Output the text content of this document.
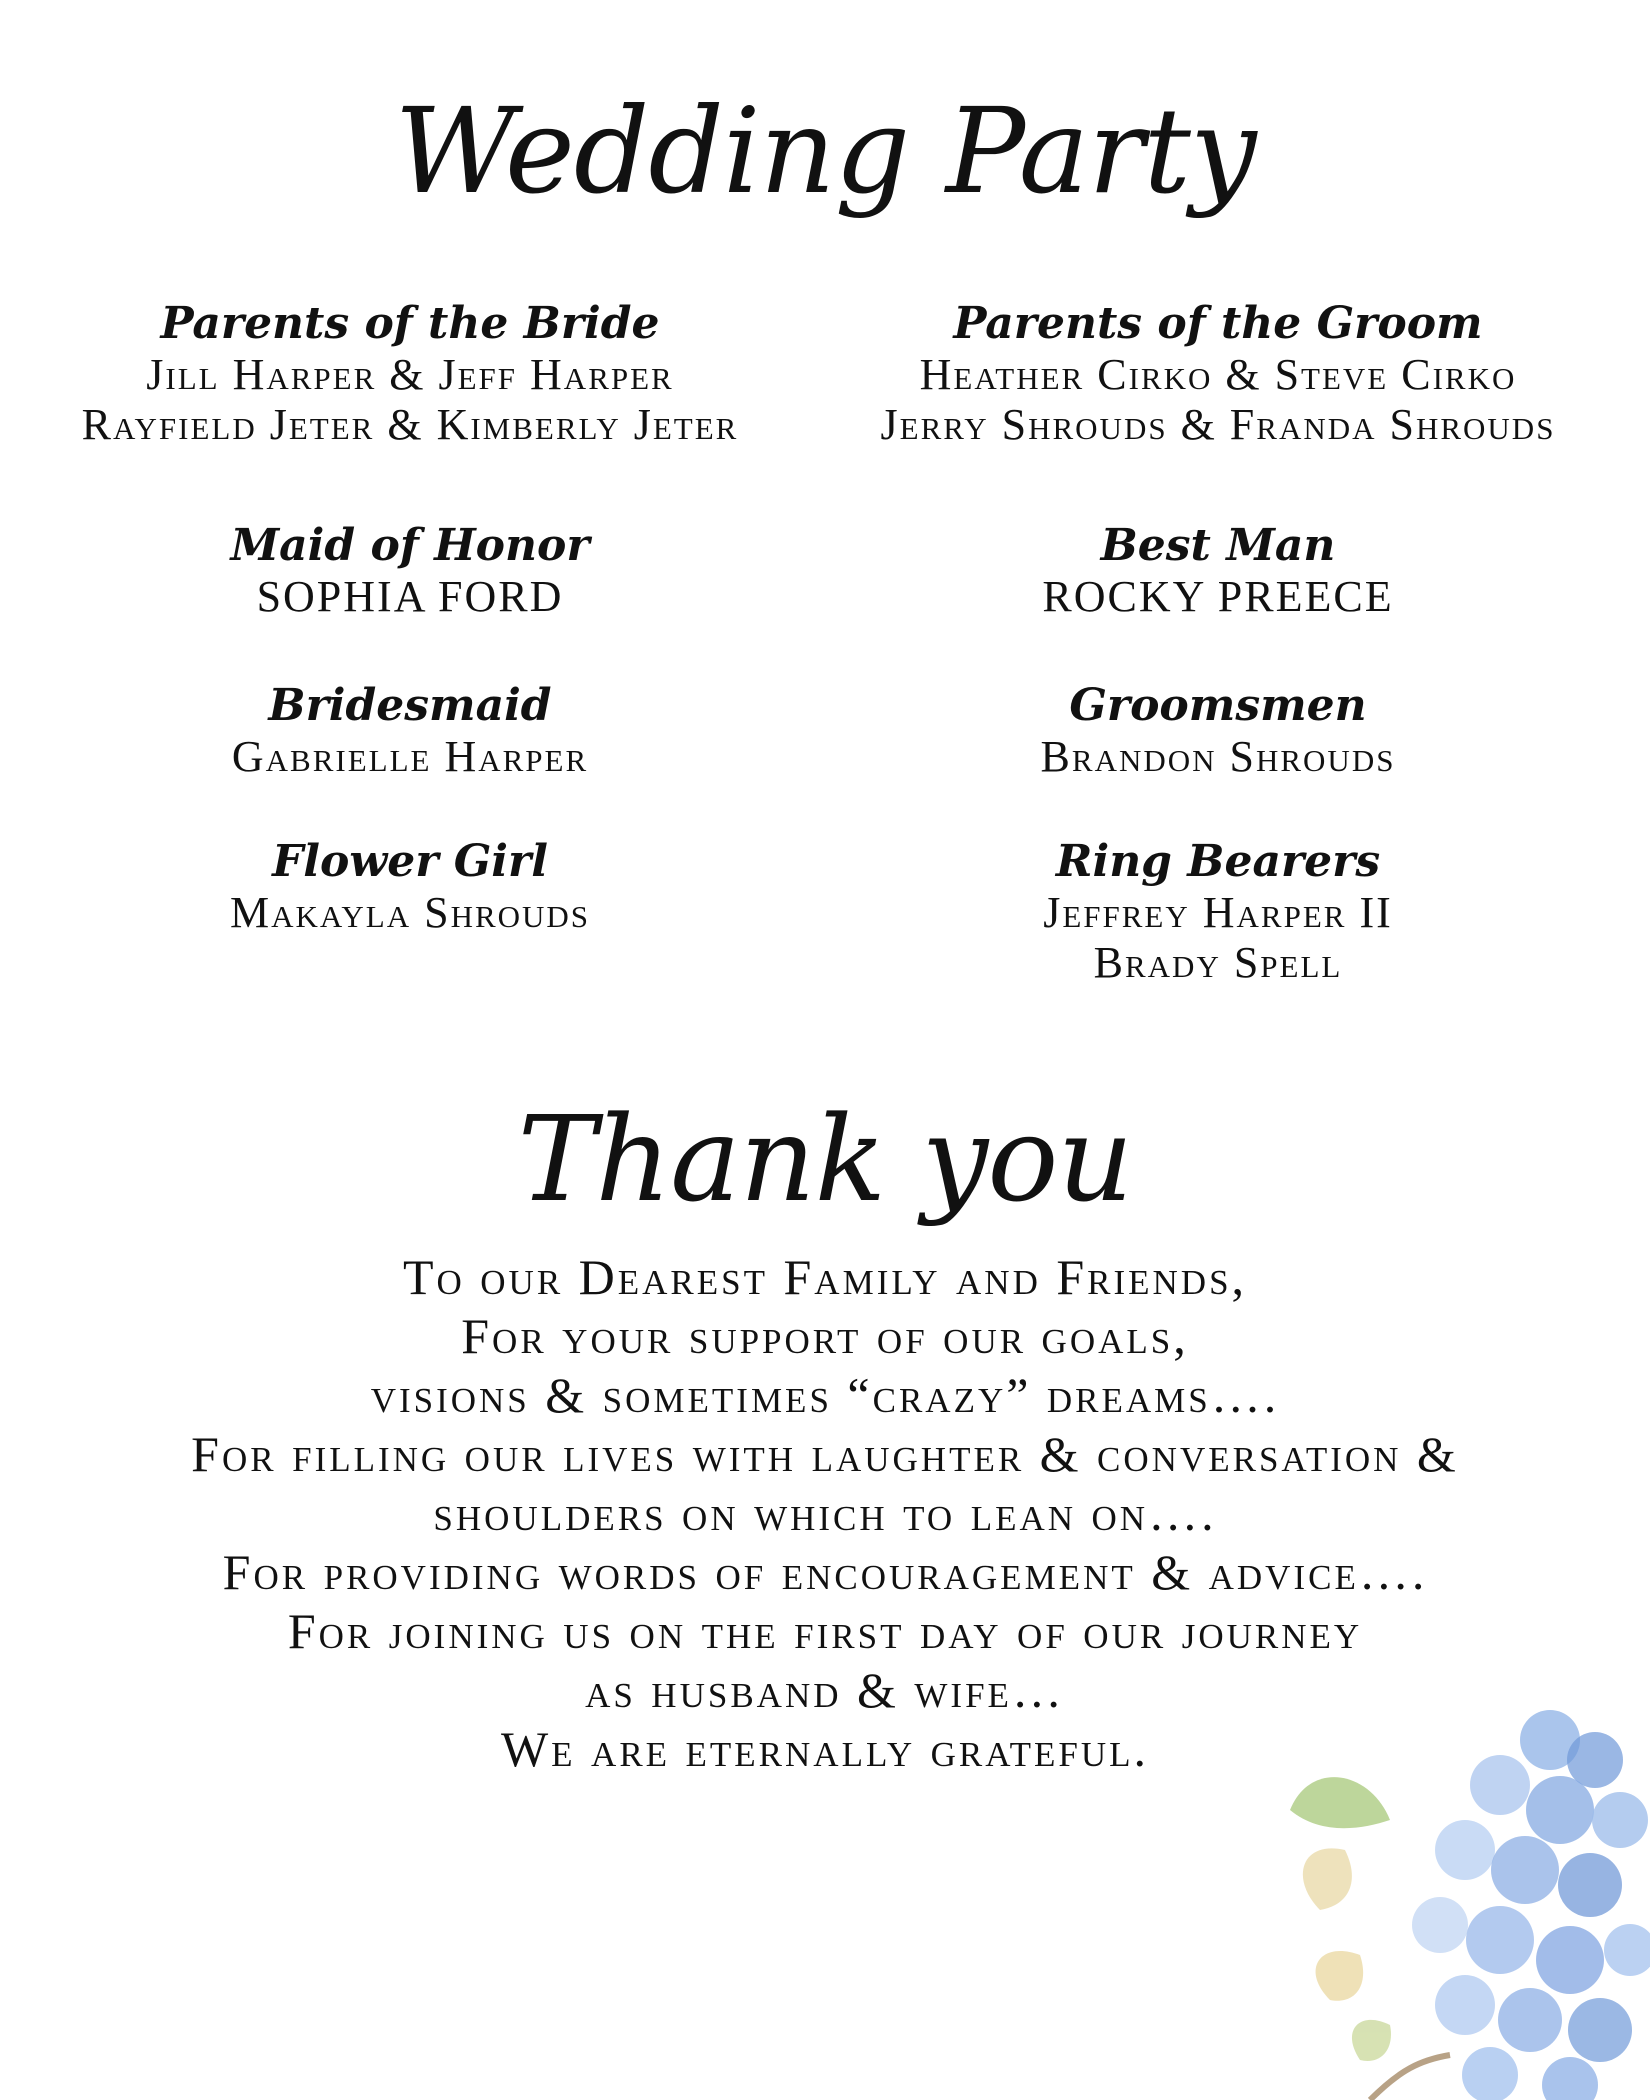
Wedding Party
Parents of the Bride
Jill Harper & Jeff Harper
Rayfield Jeter & Kimberly Jeter
Maid of Honor
SOPHIA FORD
Bridesmaid
Gabrielle Harper
Flower Girl
Makayla Shrouds
Parents of the Groom
Heather Cirko & Steve Cirko
Jerry Shrouds & Franda Shrouds
Best Man
ROCKY PREECE
Groomsmen
Brandon Shrouds
Ring Bearers
Jeffrey Harper II
Brady Spell
Thank you
To our Dearest Family and Friends,
For your support of our goals,
visions & sometimes “crazy” dreams….
For filling our lives with laughter & conversation &
shoulders on which to lean on….
For providing words of encouragement & advice….
For joining us on the first day of our journey
as husband & wife…
We are eternally grateful.
